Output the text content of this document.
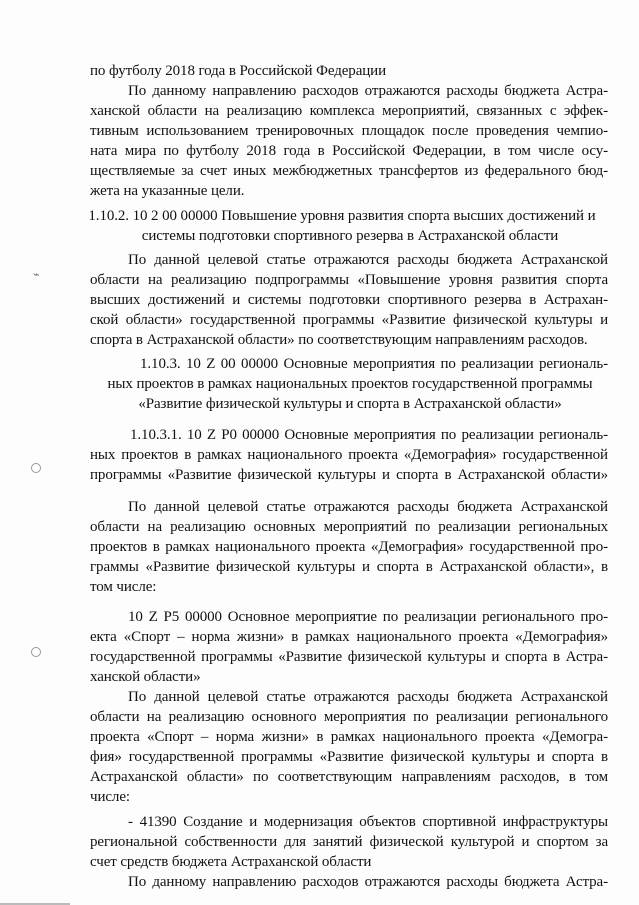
⌁
по футболу 2018 года в Российской Федерации
По данному направлению расходов отражаются расходы бюджета Астра-
ханской области на реализацию комплекса мероприятий, связанных с эффек-
тивным использованием тренировочных площадок после проведения чемпио-
ната мира по футболу 2018 года в Российской Федерации, в том числе осу-
ществляемые за счет иных межбюджетных трансфертов из федерального бюд-
жета на указанные цели.
1.10.2. 10 2 00 00000 Повышение уровня развития спорта высших достижений и
системы подготовки спортивного резерва в Астраханской области
По данной целевой статье отражаются расходы бюджета Астраханской
области на реализацию подпрограммы «Повышение уровня развития спорта
высших достижений и системы подготовки спортивного резерва в Астрахан-
ской области» государственной программы «Развитие физической культуры и
спорта в Астраханской области» по соответствующим направлениям расходов.
1.10.3. 10 Z 00 00000 Основные мероприятия по реализации региональ-
ных проектов в рамках национальных проектов государственной программы
«Развитие физической культуры и спорта в Астраханской области»
1.10.3.1. 10 Z P0 00000 Основные мероприятия по реализации региональ-
ных проектов в рамках национального проекта «Демография» государственной
программы «Развитие физической культуры и спорта в Астраханской области»
По данной целевой статье отражаются расходы бюджета Астраханской
области на реализацию основных мероприятий по реализации региональных
проектов в рамках национального проекта «Демография» государственной про-
граммы «Развитие физической культуры и спорта в Астраханской области», в
том числе:
10 Z P5 00000 Основное мероприятие по реализации регионального про-
екта «Спорт – норма жизни» в рамках национального проекта «Демография»
государственной программы «Развитие физической культуры и спорта в Астра-
ханской области»
По данной целевой статье отражаются расходы бюджета Астраханской
области на реализацию основного мероприятия по реализации регионального
проекта «Спорт – норма жизни» в рамках национального проекта «Демогра-
фия» государственной программы «Развитие физической культуры и спорта в
Астраханской области» по соответствующим направлениям расходов, в том
числе:
- 41390 Создание и модернизация объектов спортивной инфраструктуры
региональной собственности для занятий физической культурой и спортом за
счет средств бюджета Астраханской области
По данному направлению расходов отражаются расходы бюджета Астра-
